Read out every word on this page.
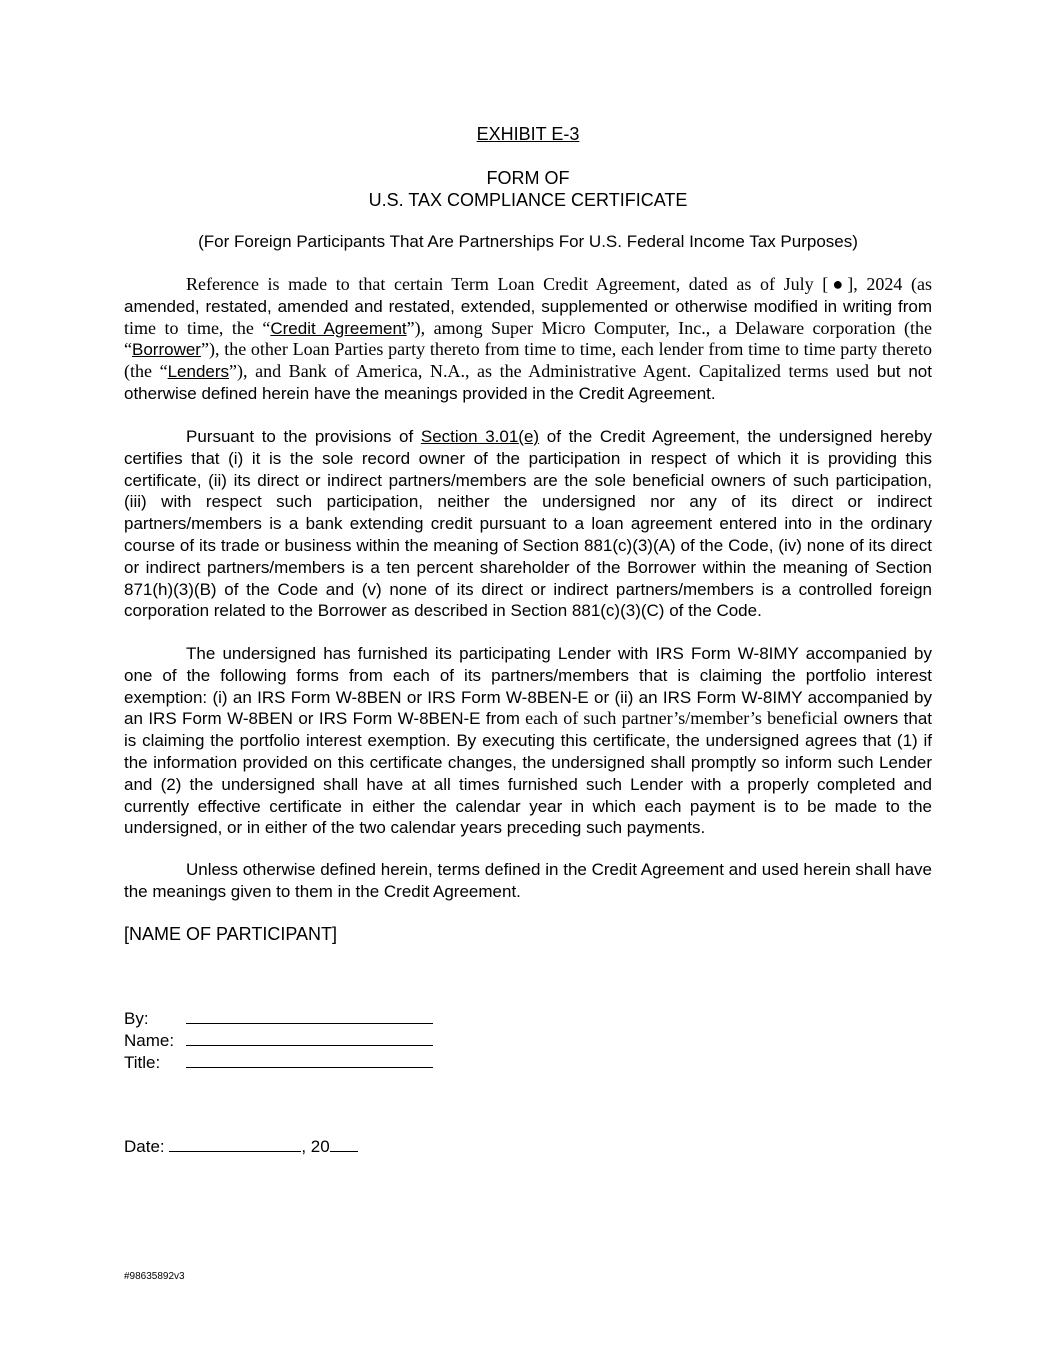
EXHIBIT E-3
FORM OF
U.S. TAX COMPLIANCE CERTIFICATE
(For Foreign Participants That Are Partnerships For U.S. Federal Income Tax Purposes)

Reference is made to that certain Term Loan Credit Agreement, dated as of July [●], 2024 (as amended, restated, amended and restated, extended, supplemented or otherwise modified in writing from time to time, the “Credit Agreement”), among Super Micro Computer, Inc., a Delaware corporation (the “Borrower”), the other Loan Parties party thereto from time to time, each lender from time to time party thereto (the “Lenders”), and Bank of America, N.A., as the Administrative Agent. Capitalized terms used but not otherwise defined herein have the meanings provided in the Credit Agreement.

Pursuant to the provisions of Section 3.01(e) of the Credit Agreement, the undersigned hereby certifies that (i) it is the sole record owner of the participation in respect of which it is providing this certificate, (ii) its direct or indirect partners/members are the sole beneficial owners of such participation, (iii) with respect such participation, neither the undersigned nor any of its direct or indirect partners/members is a bank extending credit pursuant to a loan agreement entered into in the ordinary course of its trade or business within the meaning of Section 881(c)(3)(A) of the Code, (iv) none of its direct or indirect partners/members is a ten percent shareholder of the Borrower within the meaning of Section 871(h)(3)(B) of the Code and (v) none of its direct or indirect partners/members is a controlled foreign corporation related to the Borrower as described in Section 881(c)(3)(C) of the Code.

The undersigned has furnished its participating Lender with IRS Form W-8IMY accompanied by one of the following forms from each of its partners/members that is claiming the portfolio interest exemption: (i) an IRS Form W-8BEN or IRS Form W-8BEN-E or (ii) an IRS Form W-8IMY accompanied by an IRS Form W-8BEN or IRS Form W-8BEN-E from each of such partner’s/member’s beneficial owners that is claiming the portfolio interest exemption. By executing this certificate, the undersigned agrees that (1) if the information provided on this certificate changes, the undersigned shall promptly so inform such Lender and (2) the undersigned shall have at all times furnished such Lender with a properly completed and currently effective certificate in either the calendar year in which each payment is to be made to the undersigned, or in either of the two calendar years preceding such payments.

Unless otherwise defined herein, terms defined in the Credit Agreement and used herein shall have the meanings given to them in the Credit Agreement.

[NAME OF PARTICIPANT]
By:
Name:
Title:
Date:	, 20
#98635892v3
